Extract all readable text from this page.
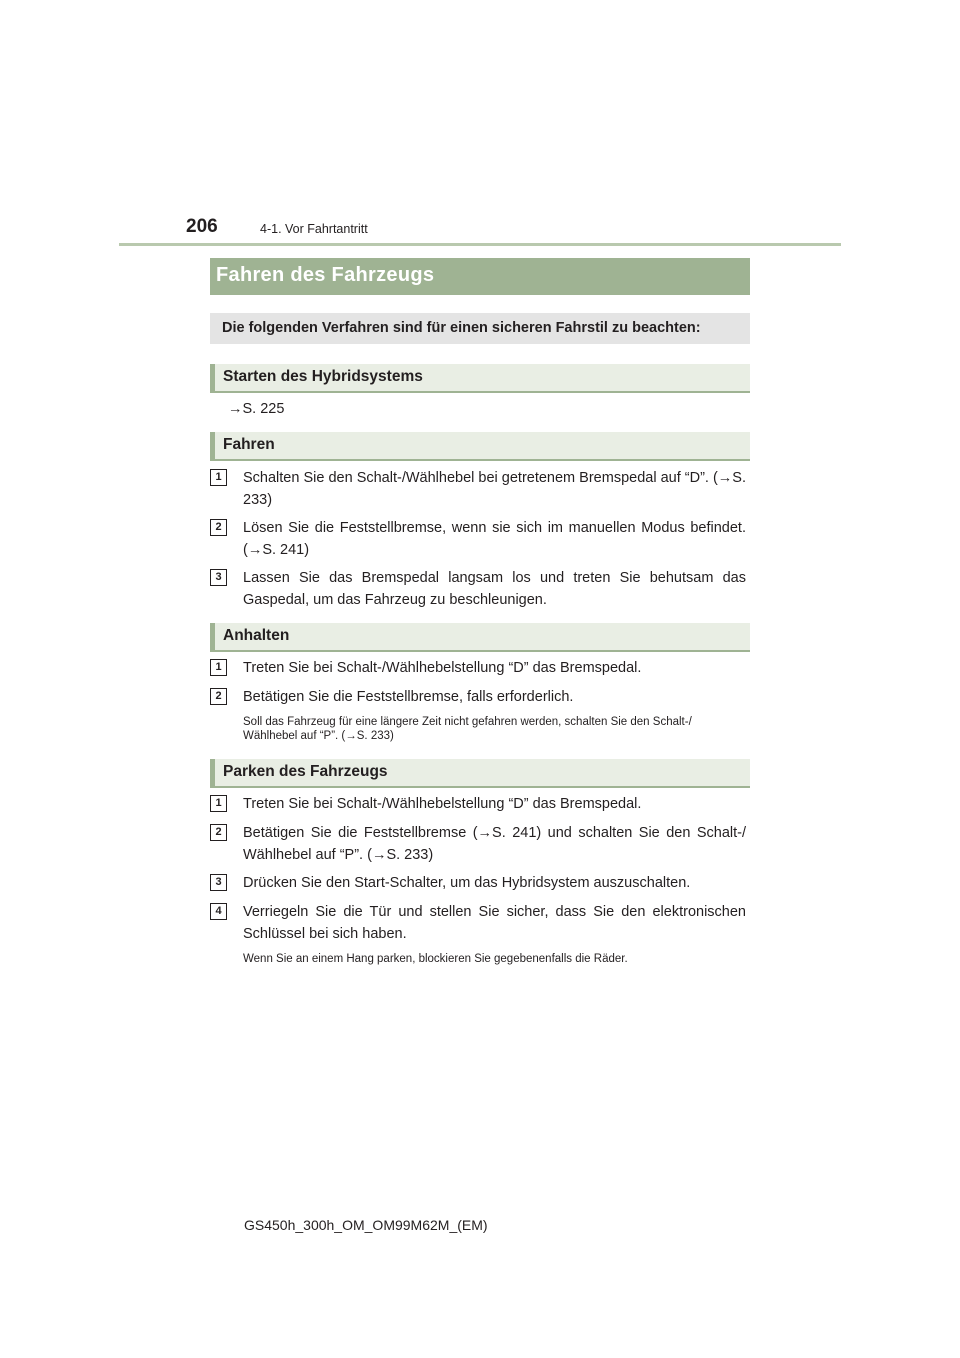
206	4-1. Vor Fahrtantritt
Fahren des Fahrzeugs
Die folgenden Verfahren sind für einen sicheren Fahrstil zu beachten:
Starten des Hybridsystems
→S. 225
Fahren
1	Schalten Sie den Schalt-/Wählhebel bei getretenem Bremspedal auf “D”. (→S. 233)
2	Lösen Sie die Feststellbremse, wenn sie sich im manuellen Modus befindet. (→S. 241)
3	Lassen Sie das Bremspedal langsam los und treten Sie behutsam das Gaspedal, um das Fahrzeug zu beschleunigen.
Anhalten
1	Treten Sie bei Schalt-/Wählhebelstellung “D” das Bremspedal.
2	Betätigen Sie die Feststellbremse, falls erforderlich.
Soll das Fahrzeug für eine längere Zeit nicht gefahren werden, schalten Sie den Schalt-/ Wählhebel auf “P”. (→S. 233)
Parken des Fahrzeugs
1	Treten Sie bei Schalt-/Wählhebelstellung “D” das Bremspedal.
2	Betätigen Sie die Feststellbremse (→S. 241) und schalten Sie den Schalt-/ Wählhebel auf “P”. (→S. 233)
3	Drücken Sie den Start-Schalter, um das Hybridsystem auszuschalten.
4	Verriegeln Sie die Tür und stellen Sie sicher, dass Sie den elektronischen Schlüssel bei sich haben.
Wenn Sie an einem Hang parken, blockieren Sie gegebenenfalls die Räder.
GS450h_300h_OM_OM99M62M_(EM)
